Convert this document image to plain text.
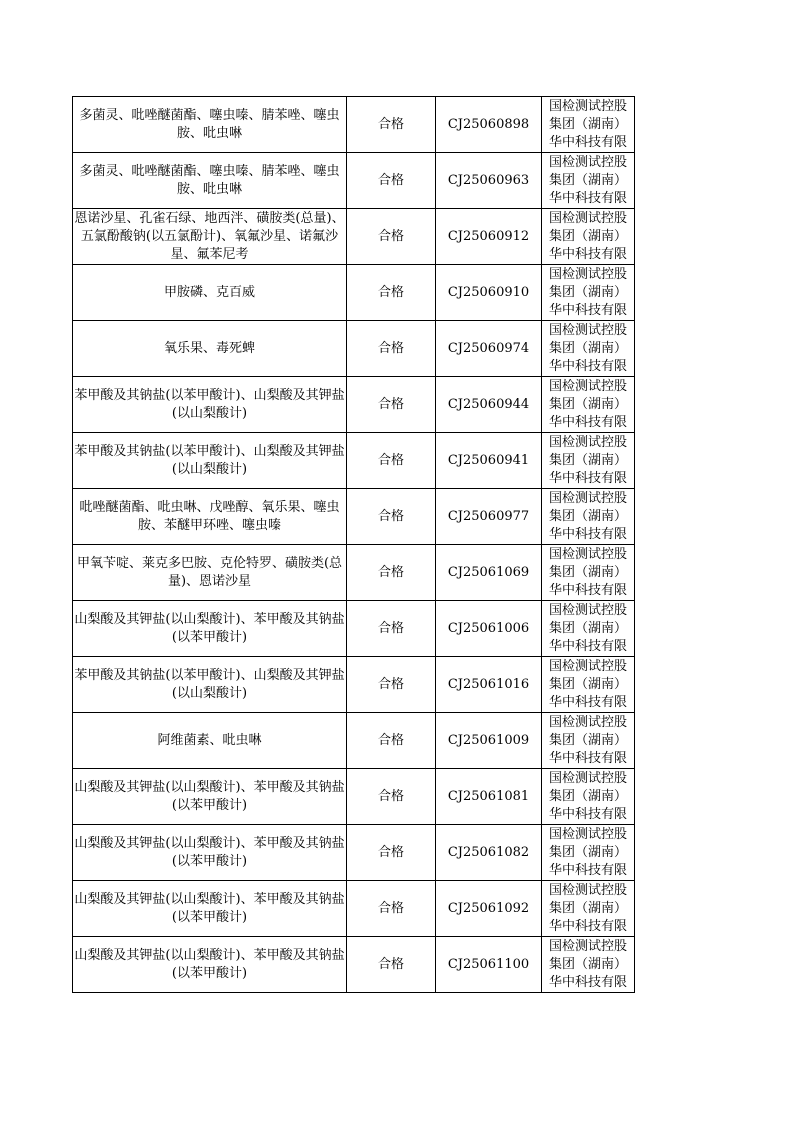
多菌灵、吡唑醚菌酯、噻虫嗪、腈苯唑、噻虫胺、吡虫啉	合格	CJ25060898	国检测试控股
集团（湖南）
华中科技有限

多菌灵、吡唑醚菌酯、噻虫嗪、腈苯唑、噻虫胺、吡虫啉	合格	CJ25060963	国检测试控股
集团（湖南）
华中科技有限

恩诺沙星、孔雀石绿、地西泮、磺胺类(总量)、五氯酚酸钠(以五氯酚计)、氧氟沙星、诺氟沙星、氟苯尼考	合格	CJ25060912	国检测试控股
集团（湖南）
华中科技有限

甲胺磷、克百威	合格	CJ25060910	国检测试控股
集团（湖南）
华中科技有限

氧乐果、毒死蜱	合格	CJ25060974	国检测试控股
集团（湖南）
华中科技有限

苯甲酸及其钠盐(以苯甲酸计)、山梨酸及其钾盐(以山梨酸计)	合格	CJ25060944	国检测试控股
集团（湖南）
华中科技有限

苯甲酸及其钠盐(以苯甲酸计)、山梨酸及其钾盐(以山梨酸计)	合格	CJ25060941	国检测试控股
集团（湖南）
华中科技有限

吡唑醚菌酯、吡虫啉、戊唑醇、氧乐果、噻虫胺、苯醚甲环唑、噻虫嗪	合格	CJ25060977	国检测试控股
集团（湖南）
华中科技有限

甲氧苄啶、莱克多巴胺、克伦特罗、磺胺类(总量)、恩诺沙星	合格	CJ25061069	国检测试控股
集团（湖南）
华中科技有限

山梨酸及其钾盐(以山梨酸计)、苯甲酸及其钠盐(以苯甲酸计)	合格	CJ25061006	国检测试控股
集团（湖南）
华中科技有限

苯甲酸及其钠盐(以苯甲酸计)、山梨酸及其钾盐(以山梨酸计)	合格	CJ25061016	国检测试控股
集团（湖南）
华中科技有限

阿维菌素、吡虫啉	合格	CJ25061009	国检测试控股
集团（湖南）
华中科技有限

山梨酸及其钾盐(以山梨酸计)、苯甲酸及其钠盐(以苯甲酸计)	合格	CJ25061081	国检测试控股
集团（湖南）
华中科技有限

山梨酸及其钾盐(以山梨酸计)、苯甲酸及其钠盐(以苯甲酸计)	合格	CJ25061082	国检测试控股
集团（湖南）
华中科技有限

山梨酸及其钾盐(以山梨酸计)、苯甲酸及其钠盐(以苯甲酸计)	合格	CJ25061092	国检测试控股
集团（湖南）
华中科技有限

山梨酸及其钾盐(以山梨酸计)、苯甲酸及其钠盐(以苯甲酸计)	合格	CJ25061100	国检测试控股
集团（湖南）
华中科技有限
